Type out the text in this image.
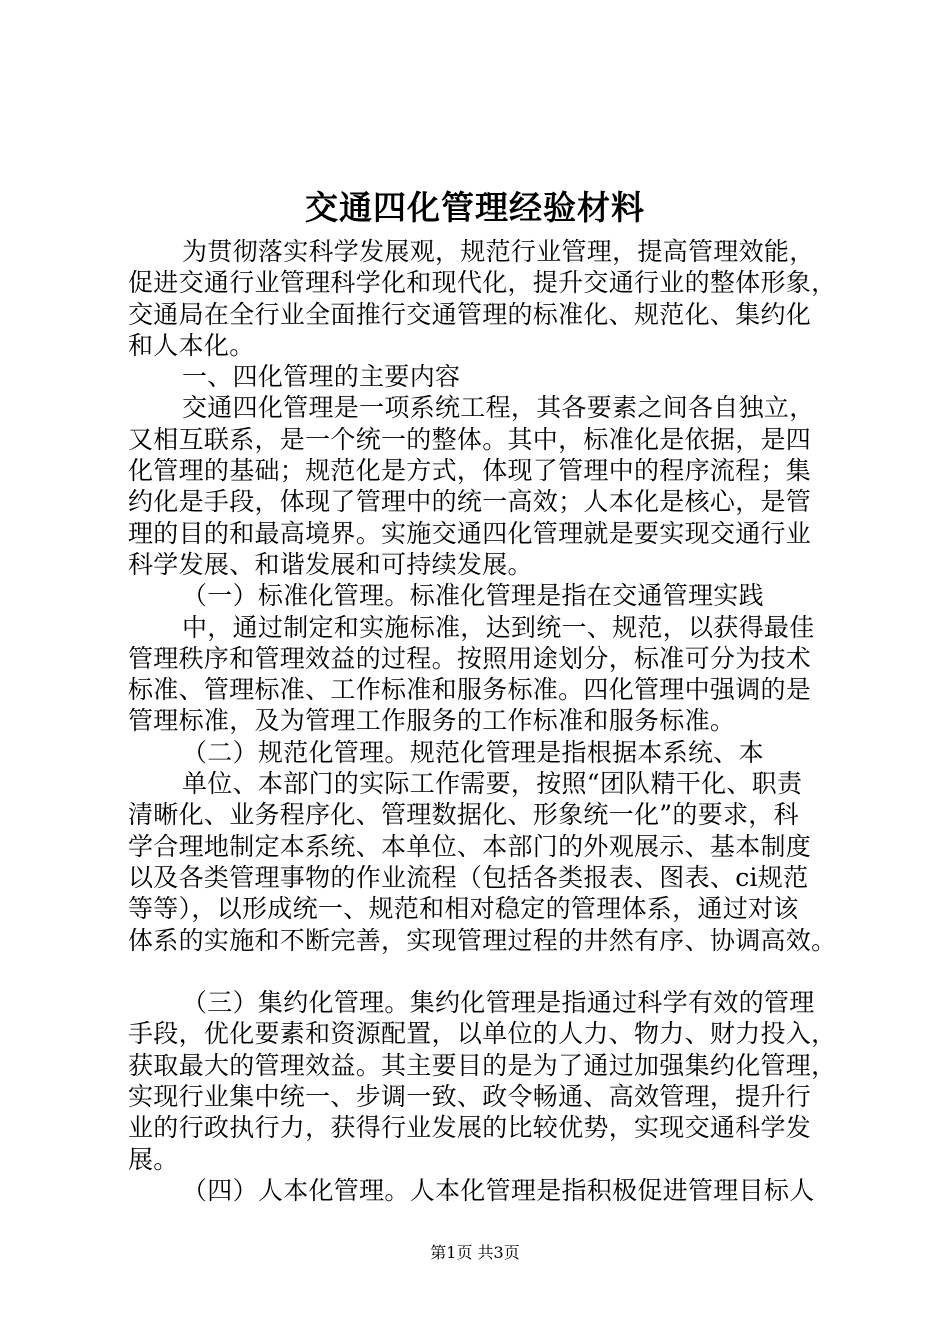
交通四化管理经验材料
为贯彻落实科学发展观，规范行业管理，提高管理效能，
促进交通行业管理科学化和现代化，提升交通行业的整体形象，
交通局在全行业全面推行交通管理的标准化、规范化、集约化
和人本化。
一、四化管理的主要内容
交通四化管理是一项系统工程，其各要素之间各自独立，
又相互联系，是一个统一的整体。其中，标准化是依据，是四
化管理的基础；规范化是方式，体现了管理中的程序流程；集
约化是手段，体现了管理中的统一高效；人本化是核心，是管
理的目的和最高境界。实施交通四化管理就是要实现交通行业
科学发展、和谐发展和可持续发展。
（一）标准化管理。标准化管理是指在交通管理实践
中，通过制定和实施标准，达到统一、规范，以获得最佳
管理秩序和管理效益的过程。按照用途划分，标准可分为技术
标准、管理标准、工作标准和服务标准。四化管理中强调的是
管理标准，及为管理工作服务的工作标准和服务标准。
（二）规范化管理。规范化管理是指根据本系统、本
单位、本部门的实际工作需要，按照“团队精干化、职责
清晰化、业务程序化、管理数据化、形象统一化”的要求，科
学合理地制定本系统、本单位、本部门的外观展示、基本制度
以及各类管理事物的作业流程（包括各类报表、图表、ci规范
等等），以形成统一、规范和相对稳定的管理体系，通过对该
体系的实施和不断完善，实现管理过程的井然有序、协调高效。
（三）集约化管理。集约化管理是指通过科学有效的管理
手段，优化要素和资源配置，以单位的人力、物力、财力投入，
获取最大的管理效益。其主要目的是为了通过加强集约化管理，
实现行业集中统一、步调一致、政令畅通、高效管理，提升行
业的行政执行力，获得行业发展的比较优势，实现交通科学发
展。
（四）人本化管理。人本化管理是指积极促进管理目标人
第1页 共3页
